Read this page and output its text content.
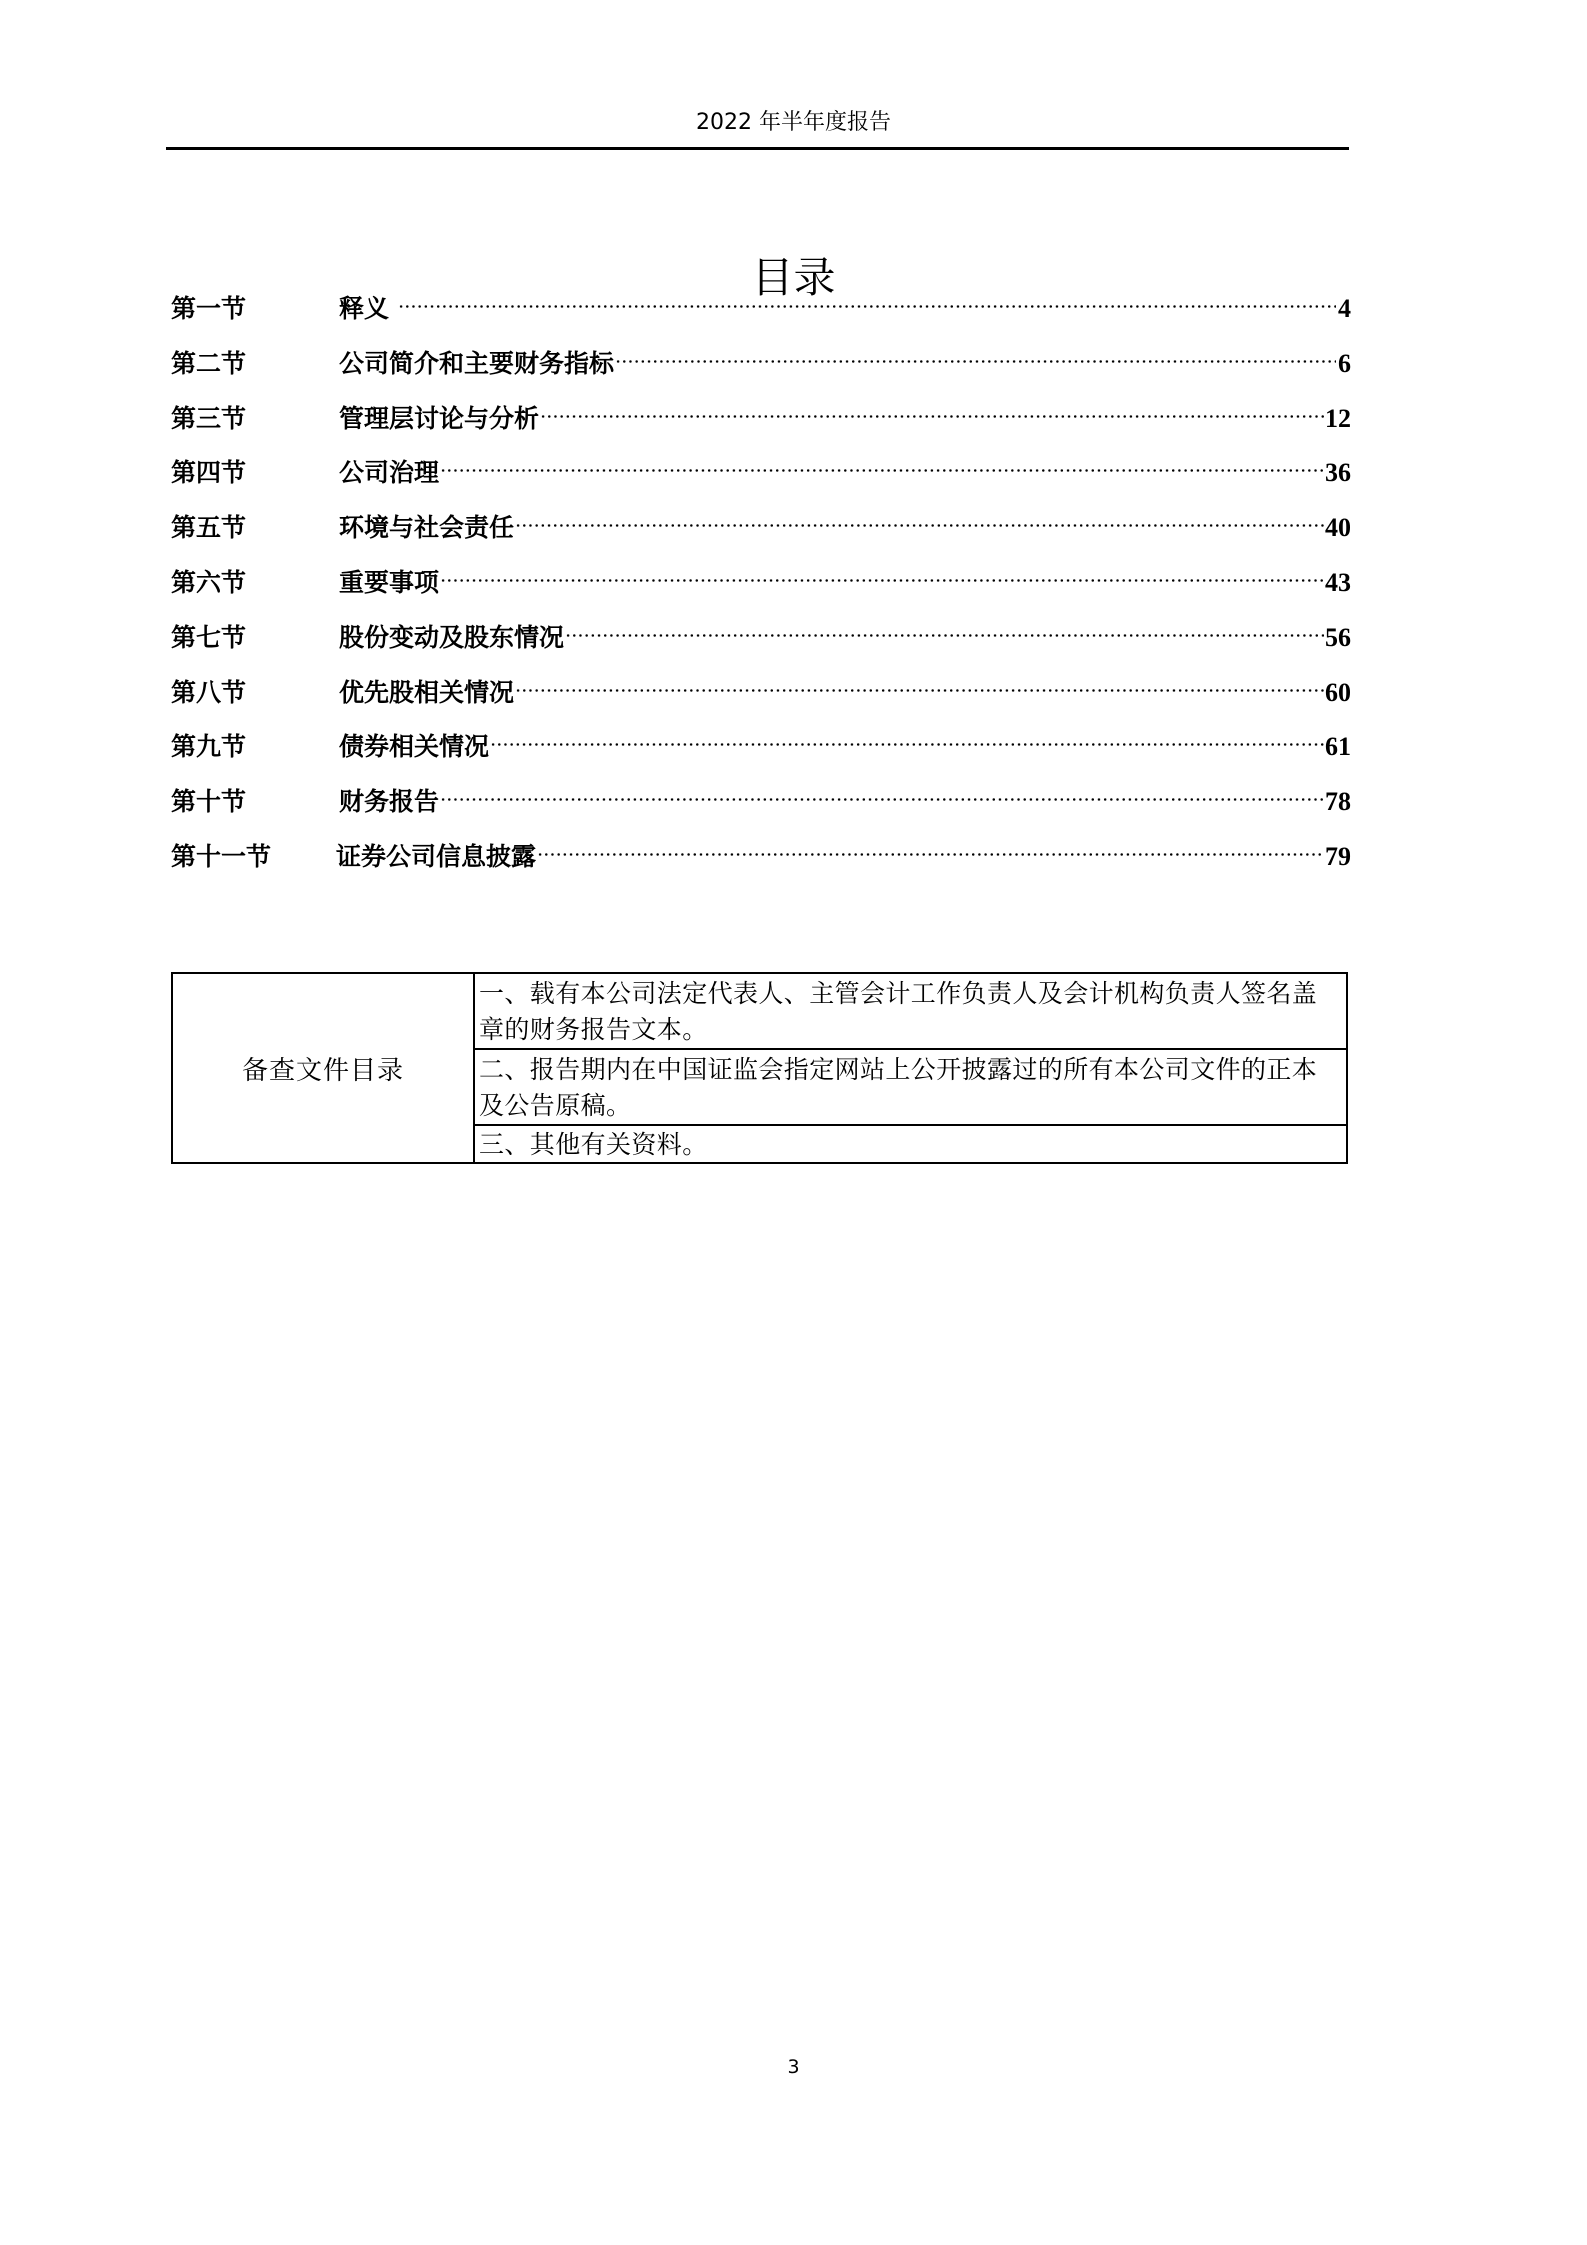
2022 年半年度报告
目录
第一节	释义	4
第二节	公司简介和主要财务指标	6
第三节	管理层讨论与分析	12
第四节	公司治理	36
第五节	环境与社会责任	40
第六节	重要事项	43
第七节	股份变动及股东情况	56
第八节	优先股相关情况	60
第九节	债券相关情况	61
第十节	财务报告	78
第十一节	证券公司信息披露	79
备查文件目录	一、载有本公司法定代表人、主管会计工作负责人及会计机构负责人签名盖章的财务报告文本。
二、报告期内在中国证监会指定网站上公开披露过的所有本公司文件的正本及公告原稿。
三、其他有关资料。
3
